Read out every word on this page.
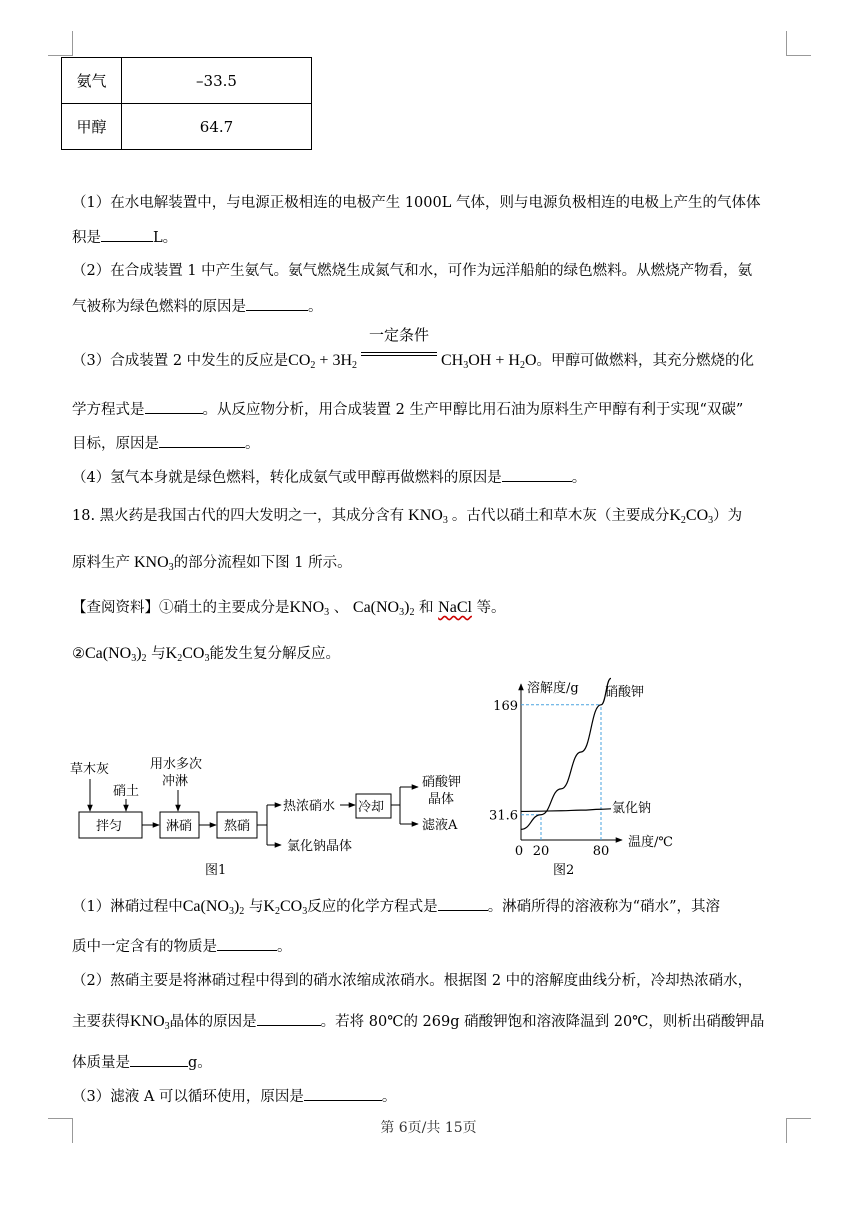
氨气	–33.5
甲醇	64.7
（1）在水电解装置中，与电源正极相连的电极产生 1000L 气体，则与电源负极相连的电极上产生的气体体
积是	L。
（2）在合成装置 1 中产生氨气。氨气燃烧生成氮气和水，可作为远洋船舶的绿色燃料。从燃烧产物看，氨
气被称为绿色燃料的原因是	。
（3）合成装置 2 中发生的反应是$CO_2 + 3H_2$
一定条件
$CH_3OH + H_2O$。甲醇可做燃料，其充分燃烧的化
学方程式是	。从反应物分析，用合成装置 2 生产甲醇比用石油为原料生产甲醇有利于实现“双碳”
目标，原因是	。
（4）氢气本身就是绿色燃料，转化成氨气或甲醇再做燃料的原因是	。
18. 黑火药是我国古代的四大发明之一，其成分含有 $KNO_3$ 。古代以硝土和草木灰（主要成分$K_2CO_3$）为
原料生产 $KNO_3$的部分流程如下图 1 所示。
【查阅资料】①硝土的主要成分是$KNO_3$ 、 $Ca(NO_3)_2$ 和 NaCl 等。
$②Ca(NO_3)_2$ 与$K_2CO_3$能发生复分解反应。
草木灰
硝土
用水多次
冲淋
拌匀	淋硝 熬硝
热浓硝水
氯化钠晶体
冷却
硝酸钾
晶体
滤液A
图1
溶解度/g
温度/℃
0 20	80
31.6
169
硝酸钾
氯化钠
图2
（1）淋硝过程中$Ca(NO_3)_2$ 与$K_2CO_3$反应的化学方程式是	。淋硝所得的溶液称为“硝水”，其溶
质中一定含有的物质是	。
（2）熬硝主要是将淋硝过程中得到的硝水浓缩成浓硝水。根据图 2 中的溶解度曲线分析，冷却热浓硝水，
主要获得$KNO_3$晶体的原因是	。若将 80℃的 269g 硝酸钾饱和溶液降温到 20℃，则析出硝酸钾晶
体质量是	g。
（3）滤液 A 可以循环使用，原因是	。
第 6页/共 15页
